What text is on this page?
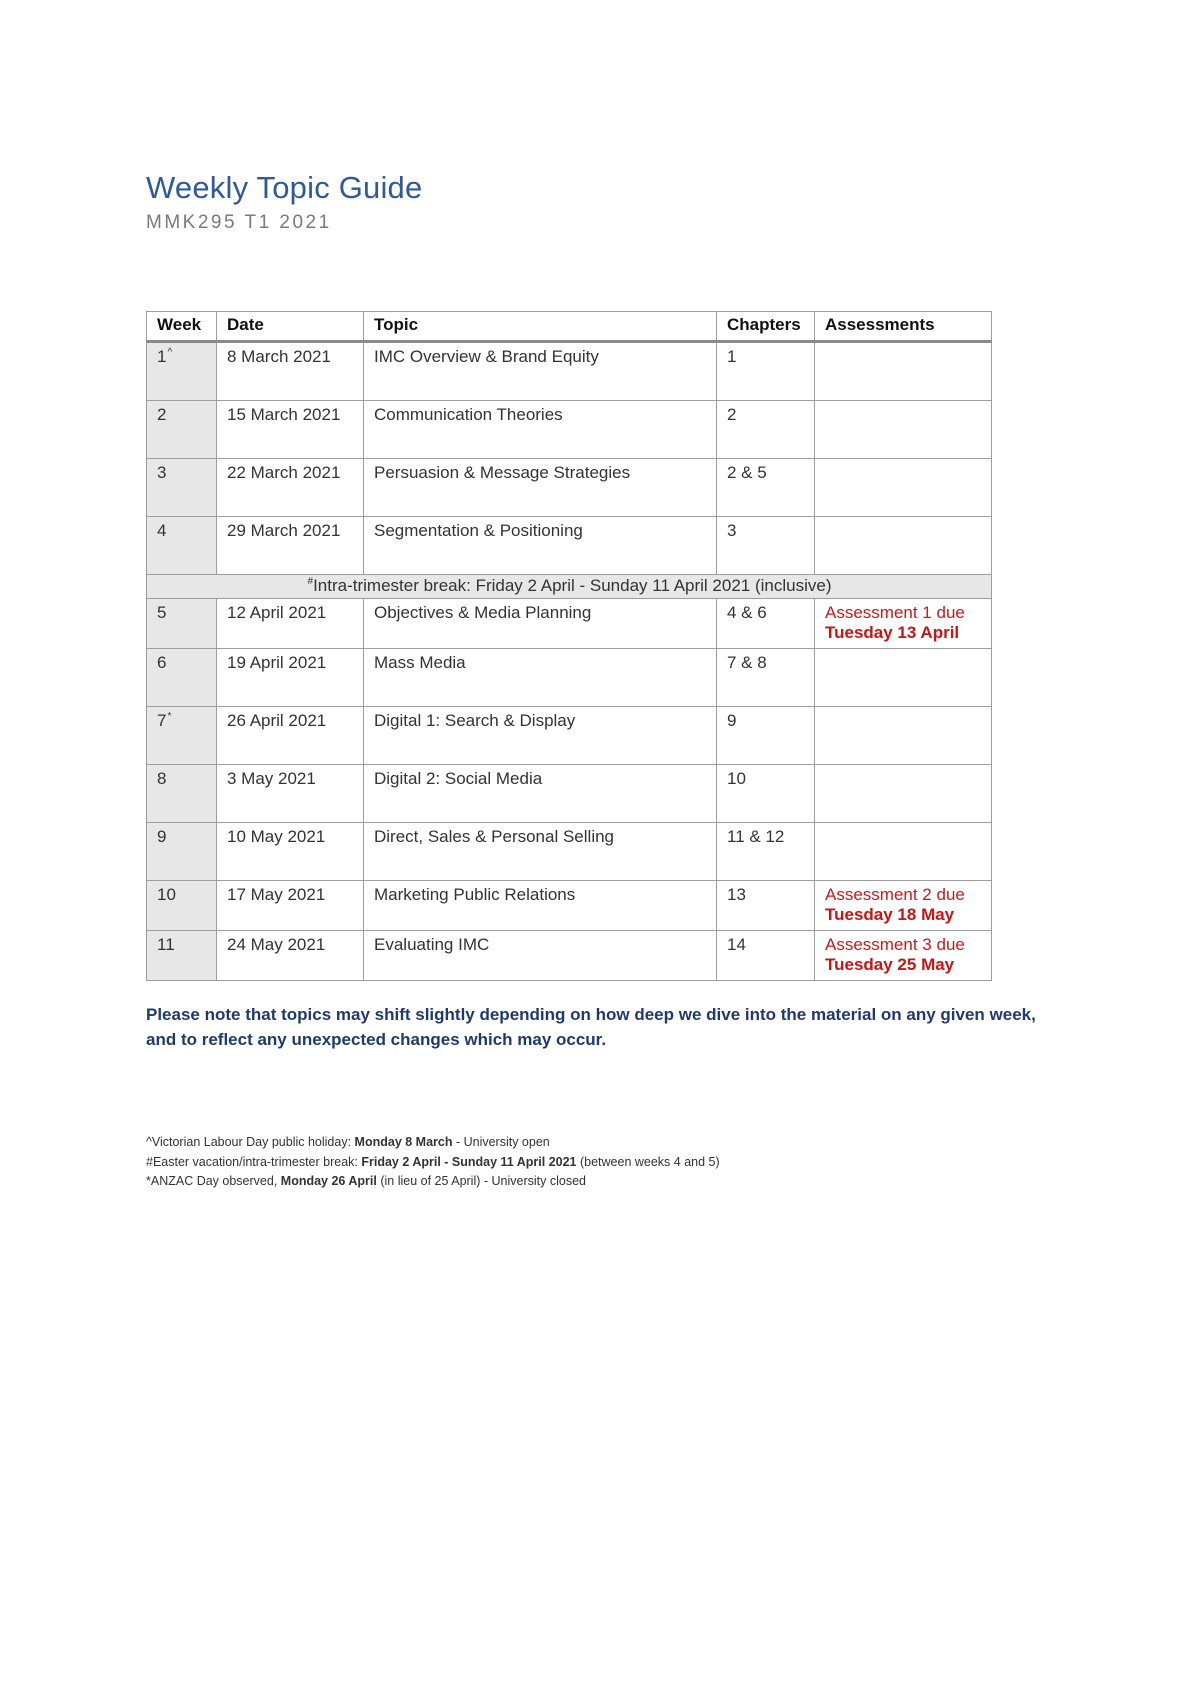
Weekly Topic Guide
MMK295 T1 2021
Week	Date	Topic	Chapters	Assessments
1^	8 March 2021	IMC Overview & Brand Equity	1	
2	15 March 2021	Communication Theories	2	
3	22 March 2021	Persuasion & Message Strategies	2 & 5	
4	29 March 2021	Segmentation & Positioning	3	
#Intra-trimester break: Friday 2 April - Sunday 11 April 2021 (inclusive)				
5	12 April 2021	Objectives & Media Planning	4 & 6	Assessment 1 due
Tuesday 13 April

6	19 April 2021	Mass Media	7 & 8	
7*	26 April 2021	Digital 1: Search & Display	9	
8	3 May 2021	Digital 2: Social Media	10	
9	10 May 2021	Direct, Sales & Personal Selling	11 & 12	
10	17 May 2021	Marketing Public Relations	13	Assessment 2 due
Tuesday 18 May

11	24 May 2021	Evaluating IMC	14	Assessment 3 due
Tuesday 25 May
Please note that topics may shift slightly depending on how deep we dive into the material on any given week, and to reflect any unexpected changes which may occur.
^Victorian Labour Day public holiday: Monday 8 March - University open
#Easter vacation/intra-trimester break: Friday 2 April - Sunday 11 April 2021 (between weeks 4 and 5)
*ANZAC Day observed, Monday 26 April (in lieu of 25 April) - University closed
